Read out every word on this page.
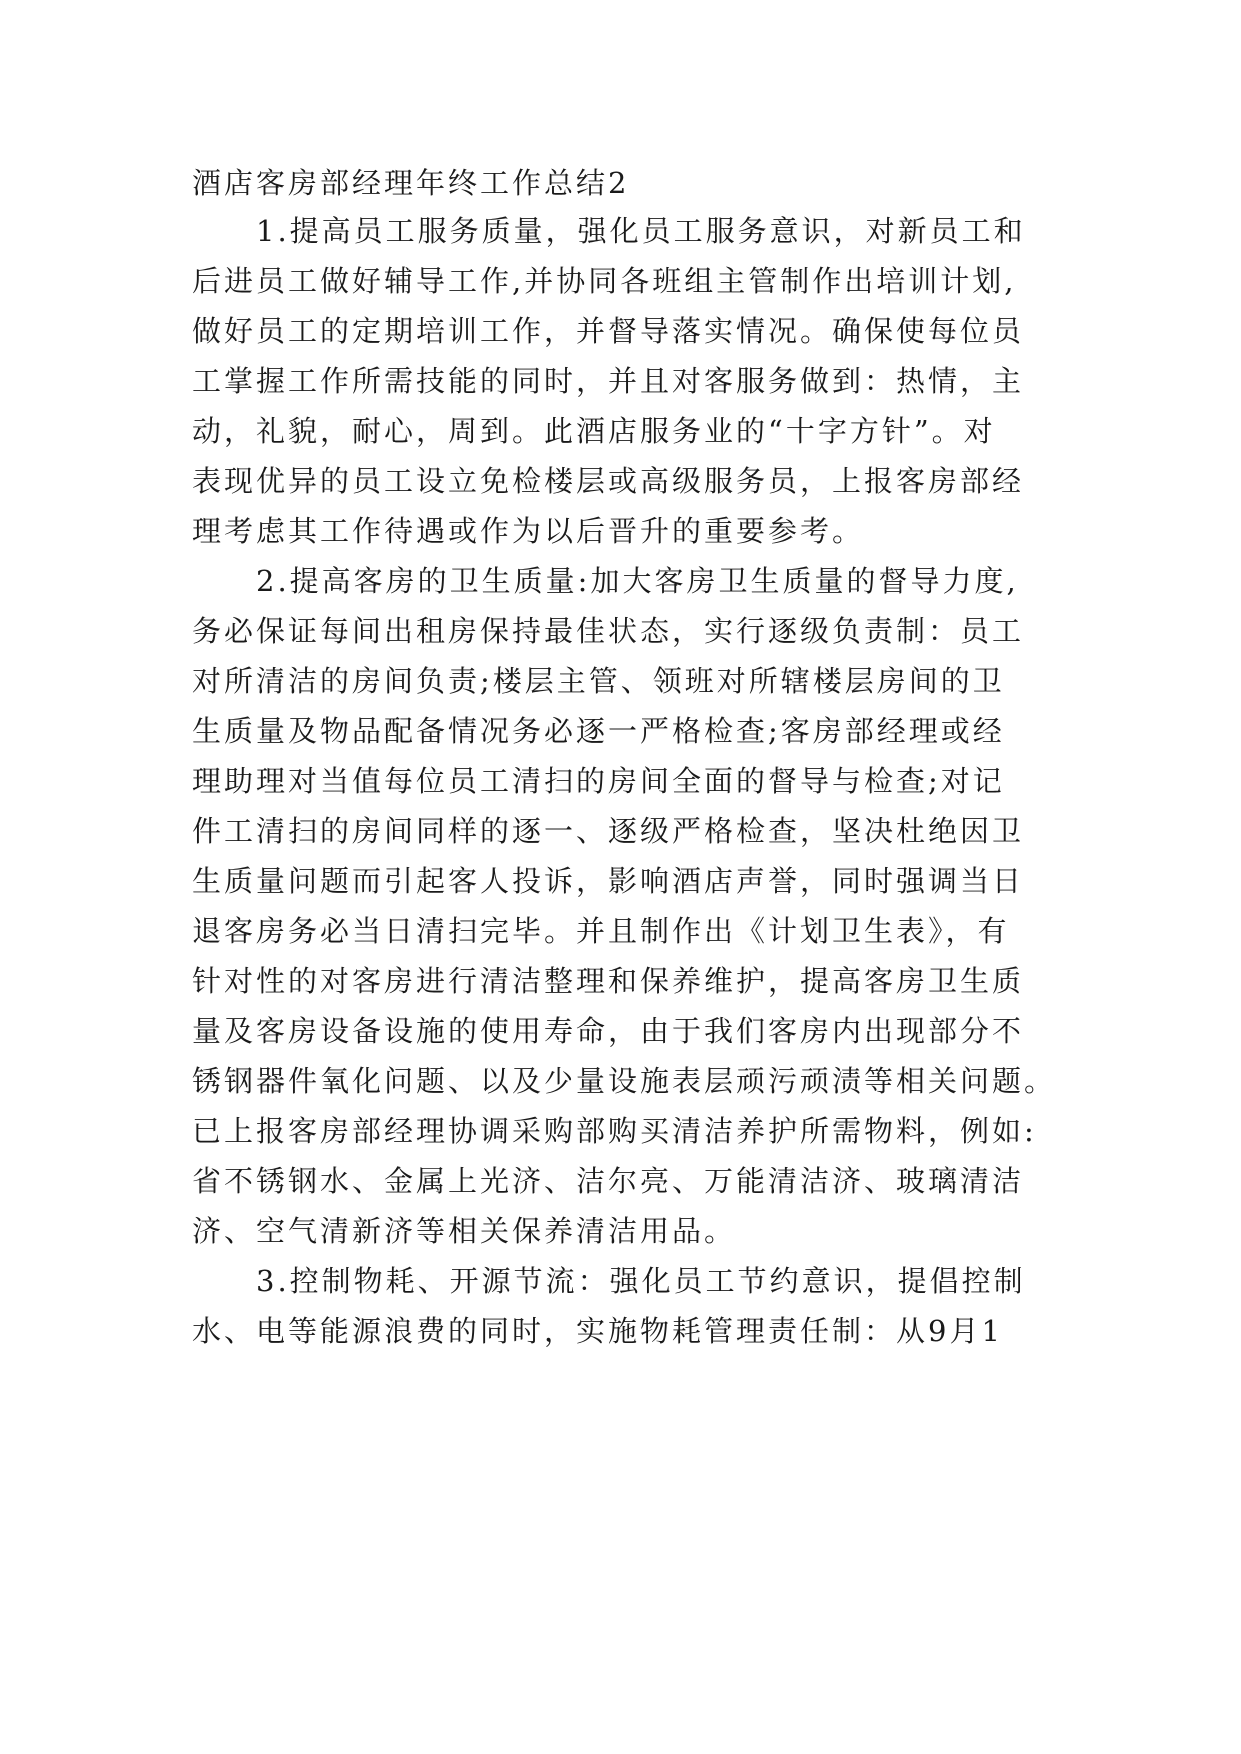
酒店客房部经理年终工作总结2
　　1.提高员工服务质量，强化员工服务意识，对新员工和
后进员工做好辅导工作,并协同各班组主管制作出培训计划,
做好员工的定期培训工作，并督导落实情况。确保使每位员
工掌握工作所需技能的同时，并且对客服务做到：热情，主
动，礼貌，耐心，周到。此酒店服务业的“十字方针”。对
表现优异的员工设立免检楼层或高级服务员，上报客房部经
理考虑其工作待遇或作为以后晋升的重要参考。
　　2.提高客房的卫生质量:加大客房卫生质量的督导力度,
务必保证每间出租房保持最佳状态，实行逐级负责制：员工
对所清洁的房间负责;楼层主管、领班对所辖楼层房间的卫
生质量及物品配备情况务必逐一严格检查;客房部经理或经
理助理对当值每位员工清扫的房间全面的督导与检查;对记
件工清扫的房间同样的逐一、逐级严格检查，坚决杜绝因卫
生质量问题而引起客人投诉，影响酒店声誉，同时强调当日
退客房务必当日清扫完毕。并且制作出《计划卫生表》，有
针对性的对客房进行清洁整理和保养维护，提高客房卫生质
量及客房设备设施的使用寿命，由于我们客房内出现部分不
锈钢器件氧化问题、以及少量设施表层顽污顽渍等相关问题。
已上报客房部经理协调采购部购买清洁养护所需物料，例如:
省不锈钢水、金属上光济、洁尔亮、万能清洁济、玻璃清洁
济、空气清新济等相关保养清洁用品。
　　3.控制物耗、开源节流：强化员工节约意识，提倡控制
水、电等能源浪费的同时，实施物耗管理责任制：从9月1
